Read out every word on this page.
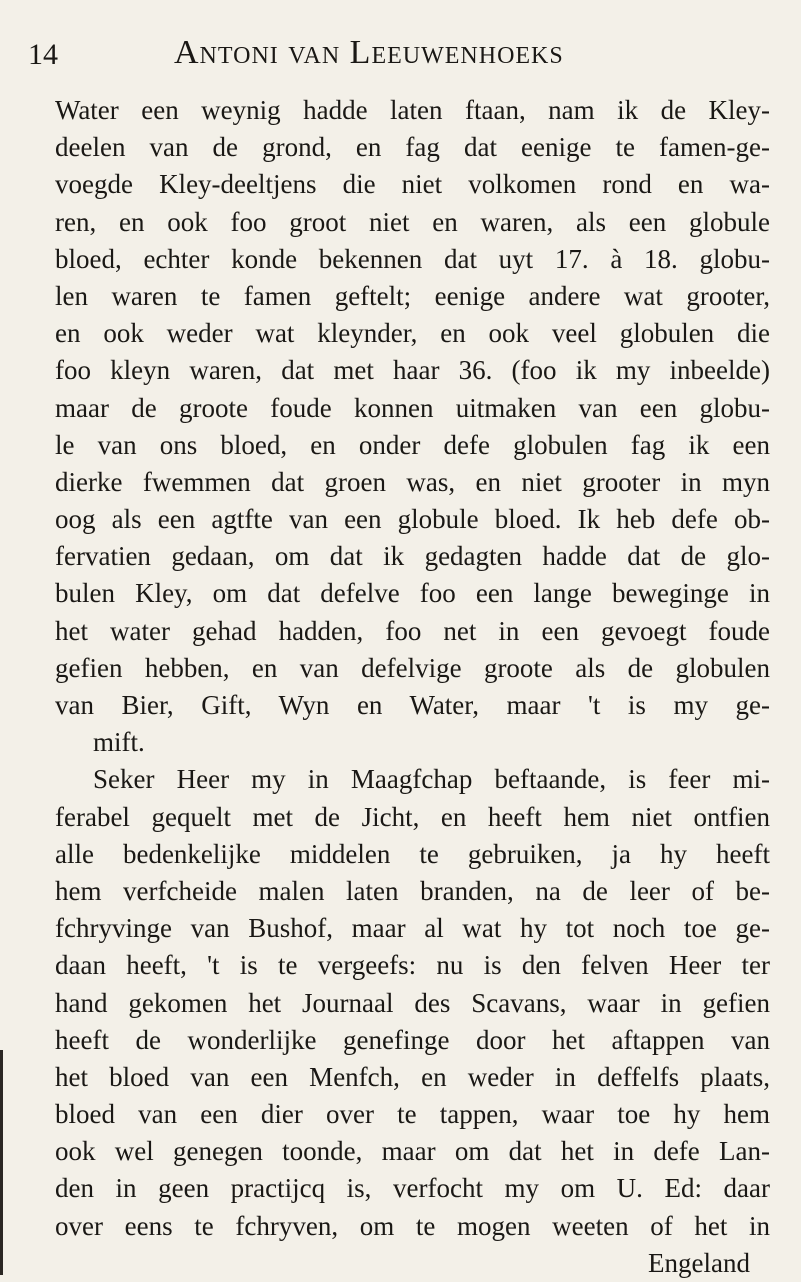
14	Antoni van Leeuwenhoeks
Water een weynig hadde laten ftaan, nam ik de Kley-
deelen van de grond, en fag dat eenige te famen-ge-
voegde Kley-deeltjens die niet volkomen rond en wa-
ren, en ook foo groot niet en waren, als een globule
bloed, echter konde bekennen dat uyt 17. à 18. globu-
len waren te famen geftelt; eenige andere wat grooter,
en ook weder wat kleynder, en ook veel globulen die
foo kleyn waren, dat met haar 36. (foo ik my inbeelde)
maar de groote foude konnen uitmaken van een globu-
le van ons bloed, en onder defe globulen fag ik een
dierke fwemmen dat groen was, en niet grooter in myn
oog als een agtfte van een globule bloed. Ik heb defe ob-
fervatien gedaan, om dat ik gedagten hadde dat de glo-
bulen Kley, om dat defelve foo een lange beweginge in
het water gehad hadden, foo net in een gevoegt foude
gefien hebben, en van defelvige groote als de globulen
van Bier, Gift, Wyn en Water, maar 't is my ge-
mift.
Seker Heer my in Maagfchap beftaande, is feer mi-
ferabel gequelt met de Jicht, en heeft hem niet ontfien
alle bedenkelijke middelen te gebruiken, ja hy heeft
hem verfcheide malen laten branden, na de leer of be-
fchryvinge van Bushof, maar al wat hy tot noch toe ge-
daan heeft, 't is te vergeefs: nu is den felven Heer ter
hand gekomen het Journaal des Scavans, waar in gefien
heeft de wonderlijke genefinge door het aftappen van
het bloed van een Menfch, en weder in deffelfs plaats,
bloed van een dier over te tappen, waar toe hy hem
ook wel genegen toonde, maar om dat het in defe Lan-
den in geen practijcq is, verfocht my om U. Ed: daar
over eens te fchryven, om te mogen weeten of het in
Engeland
